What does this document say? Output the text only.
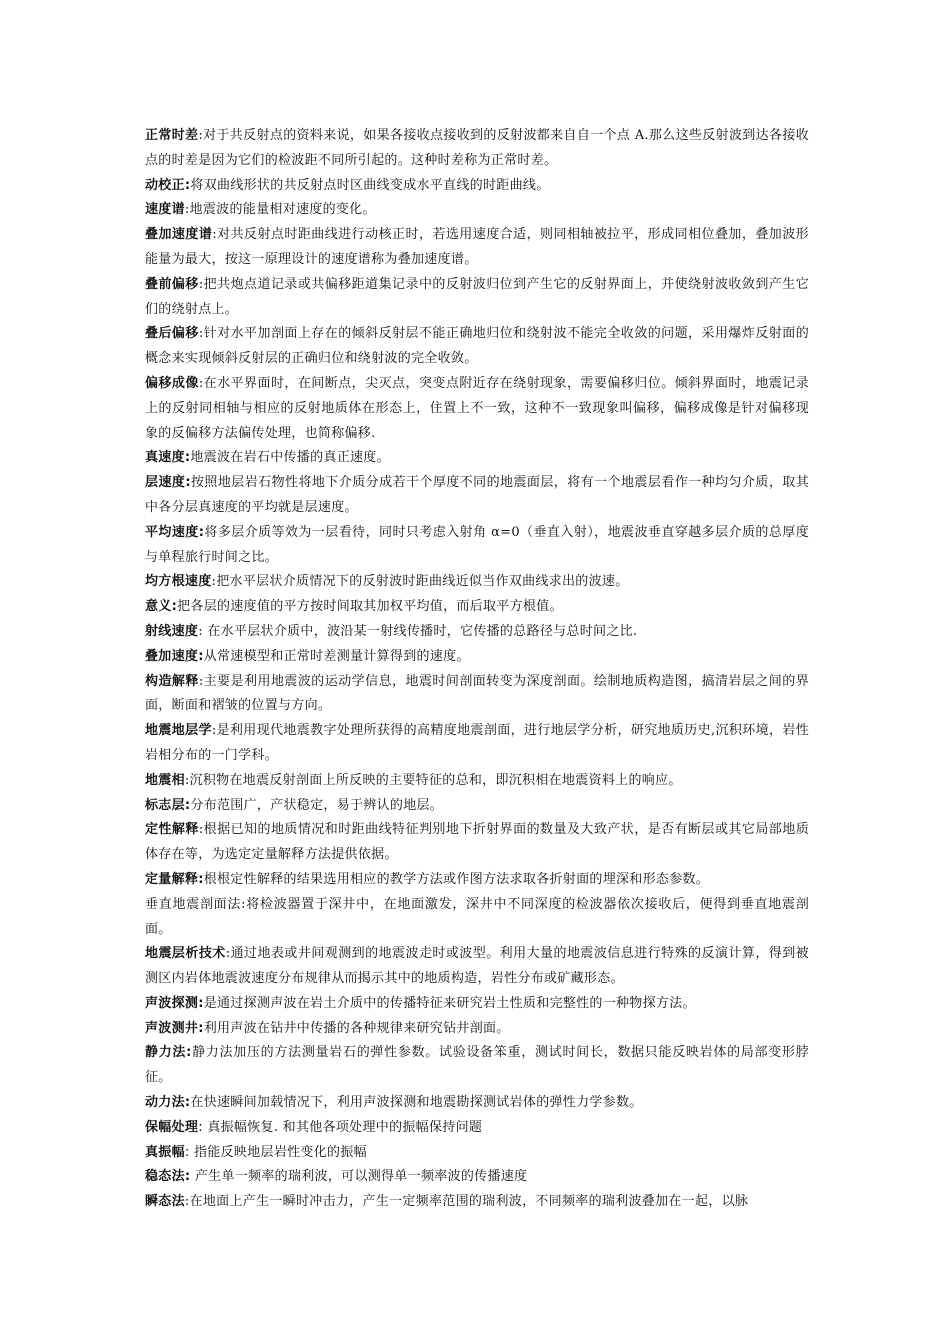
正常时差:对于共反射点的资料来说，如果各接收点接收到的反射波都来自自一个点 A.那么这些反射波到达各接收点的时差是因为它们的检波距不同所引起的。这种时差称为正常时差。

动校正:将双曲线形状的共反射点时区曲线变成水平直线的时距曲线。

速度谱:地震波的能量相对速度的变化。

叠加速度谱:对共反射点时距曲线进行动核正时，若选用速度合适，则同相轴被拉平，形成同相位叠加，叠加波形能量为最大，按这一原理设计的速度谱称为叠加速度谱。

叠前偏移:把共炮点道记录或共偏移距道集记录中的反射波归位到产生它的反射界面上，并使绕射波收敛到产生它们的绕射点上。

叠后偏移:针对水平加剖面上存在的倾斜反射层不能正确地归位和绕射波不能完全收敛的问题，采用爆炸反射面的概念来实现倾斜反射层的正确归位和绕射波的完全收敛。

偏移成像:在水平界面时，在间断点，尖灭点，突变点附近存在绕射现象，需要偏移归位。倾斜界面时，地震记录上的反射同相轴与相应的反射地质体在形态上，住置上不一致，这种不一致现象叫偏移，偏移成像是针对偏移现象的反偏移方法偏传处理，也简称偏移.

真速度:地震波在岩石中传播的真正速度。

层速度:按照地层岩石物性将地下介质分成若干个厚度不同的地震面层，将有一个地震层看作一种均匀介质，取其中各分层真速度的平均就是层速度。

平均速度:将多层介质等效为一层看待，同时只考虑入射角 α=0（垂直入射），地震波垂直穿越多层介质的总厚度与单程旅行时间之比。

均方根速度:把水平层状介质情况下的反射波时距曲线近似当作双曲线求出的波速。

意义:把各层的速度值的平方按时间取其加权平均值，而后取平方根值。

射线速度: 在水平层状介质中，波沿某一射线传播时，它传播的总路径与总时间之比.

叠加速度:从常速模型和正常时差测量计算得到的速度。

构造解释:主要是利用地震波的运动学信息，地震时间剖面转变为深度剖面。绘制地质构造图，搞清岩层之间的界面，断面和褶皱的位置与方向。

地震地层学:是利用现代地震教字处理所获得的高精度地震剖面，进行地层学分析，研究地质历史,沉积环境，岩性岩相分布的一门学科。

地震相:沉积物在地震反射剖面上所反映的主要特征的总和，即沉积相在地震资料上的响应。

标志层:分布范围广，产状稳定，易于辨认的地层。

定性解释:根据已知的地质情况和时距曲线特征判别地下折射界面的数量及大致产状，是否有断层或其它局部地质体存在等，为选定定量解释方法提供依据。

定量解释:根根定性解释的结果选用相应的教学方法或作图方法求取各折射面的埋深和形态参数。

垂直地震剖面法:将检波器置于深井中，在地面激发，深井中不同深度的检波器依次接收后，便得到垂直地震剖面。

地震层析技术:通过地表或井间观测到的地震波走时或波型。利用大量的地震波信息进行特殊的反演计算，得到被测区内岩体地震波速度分布规律从而揭示其中的地质构造，岩性分布或矿藏形态。

声波探测:是通过探测声波在岩土介质中的传播特征来研究岩土性质和完整性的一种物探方法。

声波测井:利用声波在钻井中传播的各种规律来研究钻井剖面。

静力法:静力法加压的方法测量岩石的弹性参数。试验设备笨重，测试时间长，数据只能反映岩体的局部变形脖征。

动力法:在快速瞬间加载情况下，利用声波探测和地震勘探测试岩体的弹性力学参数。

保幅处理: 真振幅恢复. 和其他各项处理中的振幅保持问题

真振幅: 指能反映地层岩性变化的振幅

稳态法: 产生单一频率的瑞利波，可以测得单一频率波的传播速度

瞬态法:在地面上产生一瞬时冲击力，产生一定频率范围的瑞利波，不同频率的瑞利波叠加在一起，以脉
